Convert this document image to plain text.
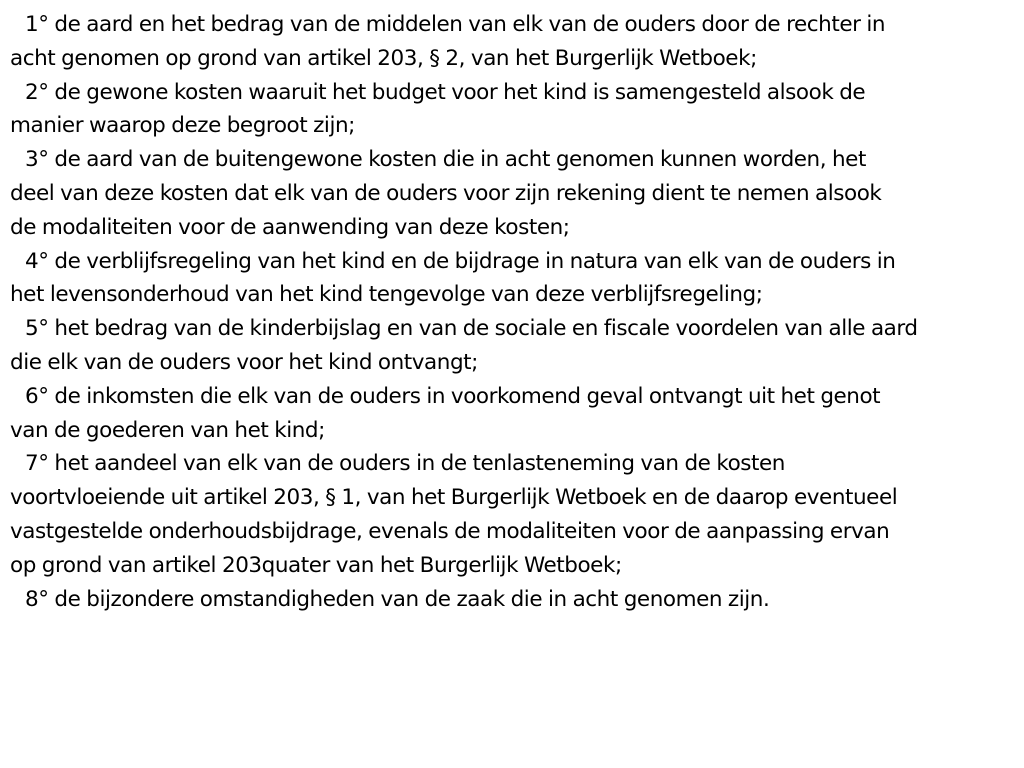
1° de aard en het bedrag van de middelen van elk van de ouders door de rechter in
acht genomen op grond van artikel 203, § 2, van het Burgerlijk Wetboek;
2° de gewone kosten waaruit het budget voor het kind is samengesteld alsook de
manier waarop deze begroot zijn;
3° de aard van de buitengewone kosten die in acht genomen kunnen worden, het
deel van deze kosten dat elk van de ouders voor zijn rekening dient te nemen alsook
de modaliteiten voor de aanwending van deze kosten;
4° de verblijfsregeling van het kind en de bijdrage in natura van elk van de ouders in
het levensonderhoud van het kind tengevolge van deze verblijfsregeling;
5° het bedrag van de kinderbijslag en van de sociale en fiscale voordelen van alle aard
die elk van de ouders voor het kind ontvangt;
6° de inkomsten die elk van de ouders in voorkomend geval ontvangt uit het genot
van de goederen van het kind;
7° het aandeel van elk van de ouders in de tenlasteneming van de kosten
voortvloeiende uit artikel 203, § 1, van het Burgerlijk Wetboek en de daarop eventueel
vastgestelde onderhoudsbijdrage, evenals de modaliteiten voor de aanpassing ervan
op grond van artikel 203quater van het Burgerlijk Wetboek;
8° de bijzondere omstandigheden van de zaak die in acht genomen zijn.
